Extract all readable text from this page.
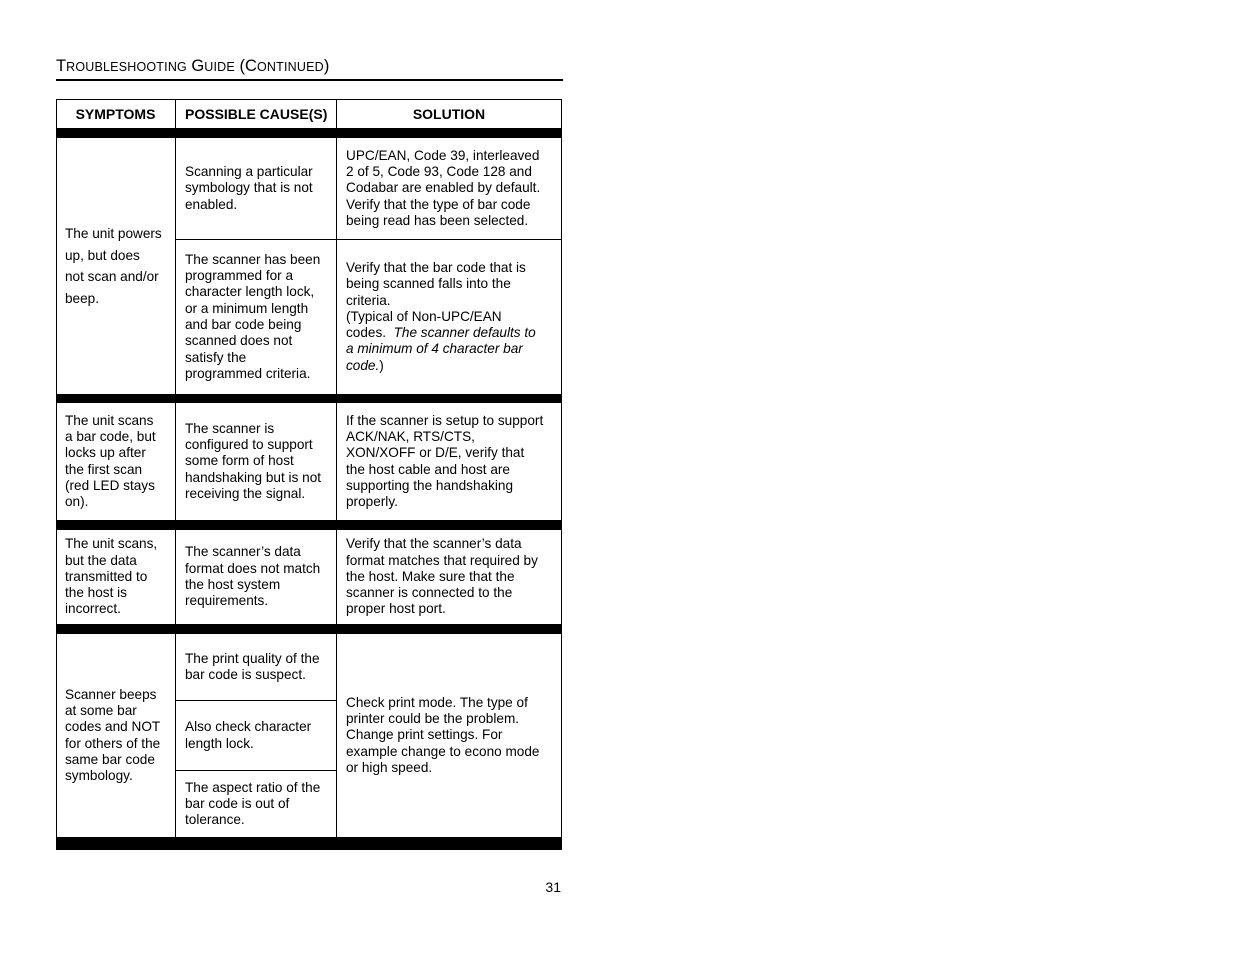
TROUBLESHOOTING GUIDE (CONTINUED)
SYMPTOMS	POSSIBLE CAUSE(S)	SOLUTION
The unit powers
up, but does
not scan and/or
beep.
Scanning a particular
symbology that is not
enabled.
UPC/EAN, Code 39, interleaved
2 of 5, Code 93, Code 128 and
Codabar are enabled by default.
Verify that the type of bar code
being read has been selected.
The scanner has been
programmed for a
character length lock,
or a minimum length
and bar code being
scanned does not
satisfy the
programmed criteria.
Verify that the bar code that is
being scanned falls into the
criteria.
(Typical of Non-UPC/EAN
codes.  The scanner defaults to
a minimum of 4 character bar
code.)
The unit scans
a bar code, but
locks up after
the first scan
(red LED stays
on).
The scanner is
configured to support
some form of host
handshaking but is not
receiving the signal.
If the scanner is setup to support
ACK/NAK, RTS/CTS,
XON/XOFF or D/E, verify that
the host cable and host are
supporting the handshaking
properly.
The unit scans,
but the data
transmitted to
the host is
incorrect.
The scanner’s data
format does not match
the host system
requirements.
Verify that the scanner’s data
format matches that required by
the host. Make sure that the
scanner is connected to the
proper host port.
Scanner beeps
at some bar
codes and NOT
for others of the
same bar code
symbology.
The print quality of the
bar code is suspect.
Also check character
length lock.
The aspect ratio of the
bar code is out of
tolerance.
Check print mode. The type of
printer could be the problem.
Change print settings. For
example change to econo mode
or high speed.
31
